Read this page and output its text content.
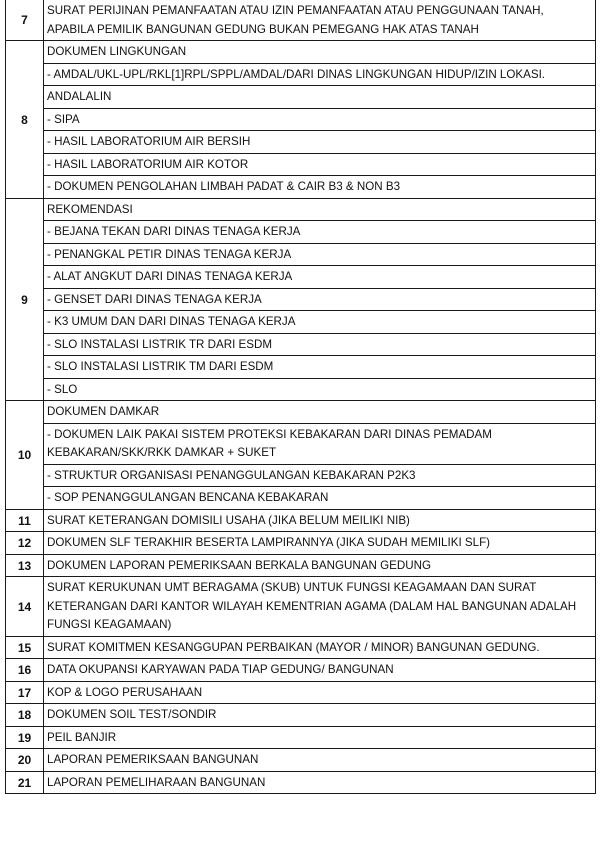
7	SURAT PERIJINAN PEMANFAATAN ATAU IZIN PEMANFAATAN ATAU PENGGUNAAN TANAH, APABILA PEMILIK BANGUNAN GEDUNG BUKAN PEMEGANG HAK ATAS TANAH
8	DOKUMEN LINGKUNGAN
	- AMDAL/UKL-UPL/RKL[1]RPL/SPPL/AMDAL/DARI DINAS LINGKUNGAN HIDUP/IZIN LOKASI.
	ANDALALIN
	- SIPA
	- HASIL LABORATORIUM AIR BERSIH
	- HASIL LABORATORIUM AIR KOTOR
	- DOKUMEN PENGOLAHAN LIMBAH PADAT & CAIR B3 & NON B3
9	REKOMENDASI
	- BEJANA TEKAN DARI DINAS TENAGA KERJA
	- PENANGKAL PETIR DINAS TENAGA KERJA
	- ALAT ANGKUT DARI DINAS TENAGA KERJA
	- GENSET DARI DINAS TENAGA KERJA
	- K3 UMUM DAN DARI DINAS TENAGA KERJA
	- SLO INSTALASI LISTRIK TR DARI ESDM
	- SLO INSTALASI LISTRIK TM DARI ESDM
	- SLO
10	DOKUMEN DAMKAR
	- DOKUMEN LAIK PAKAI SISTEM PROTEKSI KEBAKARAN DARI DINAS PEMADAM KEBAKARAN/SKK/RKK DAMKAR + SUKET
	- STRUKTUR ORGANISASI PENANGGULANGAN KEBAKARAN P2K3
	- SOP PENANGGULANGAN BENCANA KEBAKARAN
11	SURAT KETERANGAN DOMISILI USAHA (JIKA BELUM MEILIKI NIB)
12	DOKUMEN SLF TERAKHIR BESERTA LAMPIRANNYA (JIKA SUDAH MEMILIKI SLF)
13	DOKUMEN LAPORAN PEMERIKSAAN BERKALA BANGUNAN GEDUNG
14	SURAT KERUKUNAN UMT BERAGAMA (SKUB) UNTUK FUNGSI KEAGAMAAN DAN SURAT KETERANGAN DARI KANTOR WILAYAH KEMENTRIAN AGAMA (DALAM HAL BANGUNAN ADALAH FUNGSI KEAGAMAAN)
15	SURAT KOMITMEN KESANGGUPAN PERBAIKAN (MAYOR / MINOR) BANGUNAN GEDUNG.
16	DATA OKUPANSI KARYAWAN PADA TIAP GEDUNG/ BANGUNAN
17	KOP & LOGO PERUSAHAAN
18	DOKUMEN SOIL TEST/SONDIR
19	PEIL BANJIR
20	LAPORAN PEMERIKSAAN BANGUNAN
21	LAPORAN PEMELIHARAAN BANGUNAN
